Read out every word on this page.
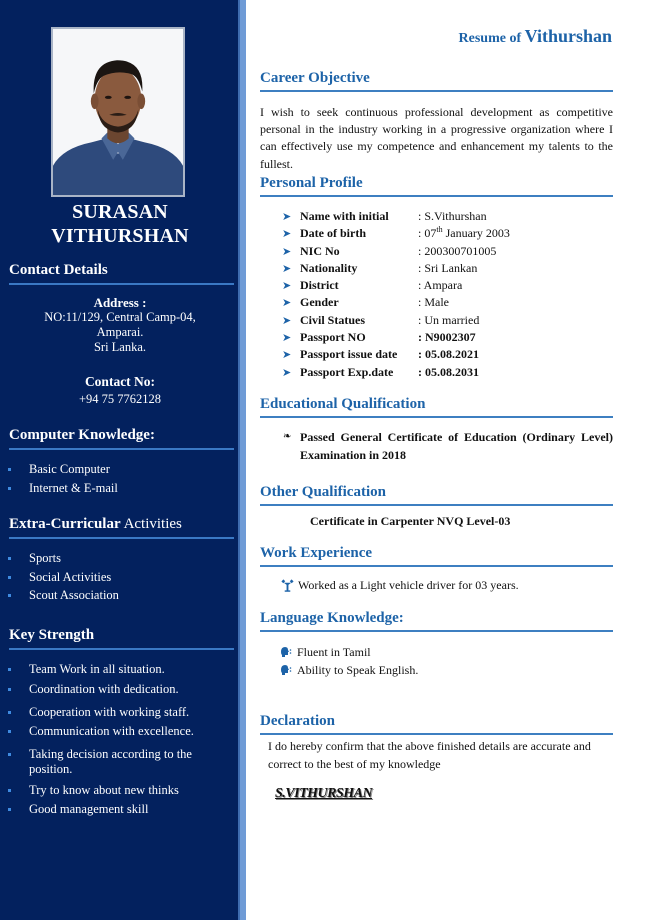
SURASAN
VITHURSHAN
Contact Details
Address :
NO:11/129, Central Camp-04,
Amparai.
Sri Lanka.
Contact No:
+94 75 7762128
Computer Knowledge:
Basic Computer
Internet & E-mail
Extra-Curricular Activities
Sports
Social Activities
Scout Association
Key Strength
Team Work in all situation.
Coordination with dedication.
Cooperation with working staff.
Communication with excellence.
Taking decision according to the position.
Try to know about new thinks
Good management skill
Resume of Vithurshan
Career Objective
I wish to seek continuous professional development as competitive personal in the industry working in a progressive organization where I can effectively use my competence and enhancement my talents to the fullest.
Personal Profile
➤ Name with initial : S.Vithurshan
➤ Date of birth	: 07th January 2003
➤ NIC No	: 200300701005
➤ Nationality	: Sri Lankan
➤ District	: Ampara
➤ Gender	: Male
➤ Civil Statues	: Un married
➤ Passport NO	: N9002307
➤ Passport issue date : 05.08.2021
➤ Passport Exp.date : 05.08.2031
Educational Qualification
❧ Passed General Certificate of Education (Ordinary Level) Examination in 2018
Other Qualification
Certificate in Carpenter NVQ Level-03
Work Experience
Worked as a Light vehicle driver for 03 years.
Language Knowledge:
Fluent in Tamil
Ability to Speak English.
Declaration
I do hereby confirm that the above finished details are accurate and correct to the best of my knowledge
S.VITHURSHAN
